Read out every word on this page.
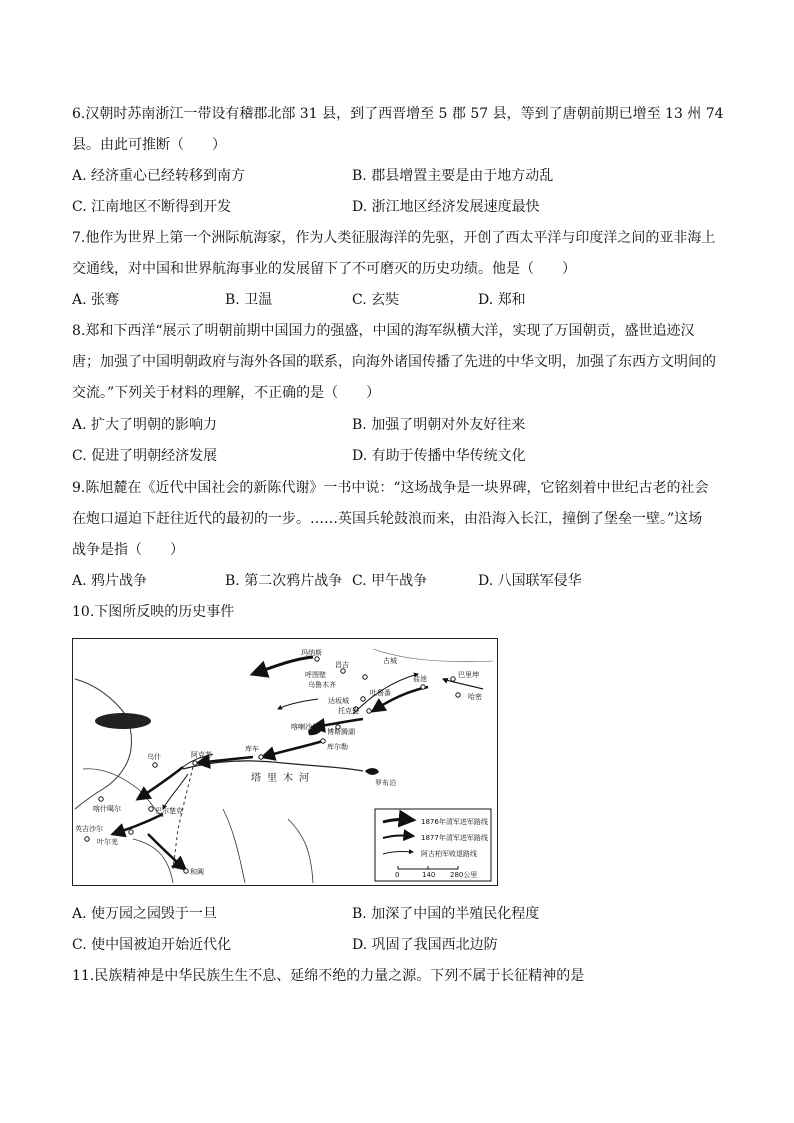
6.汉朝时苏南浙江一带设有稽郡北部 31 县，到了西晋增至 5 郡 57 县，等到了唐朝前期已增至 13 州 74
县。由此可推断（　　）
A. 经济重心已经转移到南方	B. 郡县增置主要是由于地方动乱
C. 江南地区不断得到开发	D. 浙江地区经济发展速度最快
7.他作为世界上第一个洲际航海家，作为人类征服海洋的先驱，开创了西太平洋与印度洋之间的亚非海上
交通线，对中国和世界航海事业的发展留下了不可磨灭的历史功绩。他是（　　）
A. 张骞	B. 卫温	C. 玄奘	D. 郑和
8.郑和下西洋“展示了明朝前期中国国力的强盛，中国的海军纵横大洋，实现了万国朝贡，盛世追迹汉
唐；加强了中国明朝政府与海外各国的联系，向海外诸国传播了先进的中华文明，加强了东西方文明间的
交流。”下列关于材料的理解，不正确的是（　　）
A. 扩大了明朝的影响力	B. 加强了明朝对外友好往来
C. 促进了明朝经济发展	D. 有助于传播中华传统文化
9.陈旭麓在《近代中国社会的新陈代谢》一书中说：“这场战争是一块界碑，它铭刻着中世纪古老的社会
在炮口逼迫下赶往近代的最初的一步。……英国兵轮鼓浪而来，由沿海入长江，撞倒了堡垒一壁。”这场
战争是指（　　）
A. 鸦片战争	B. 第二次鸦片战争 C. 甲午战争	D. 八国联军侵华
10.下图所反映的历史事件
玛纳斯
昌吉
呼图壁
乌鲁木齐
古城
巴里坤
盐池
哈密
吐鲁番
达坂城
托克逊
喀喇沙尔
博斯腾湖
库尔勒
库车
阿克苏
乌什
喀什噶尔	巴尔楚克
英吉沙尔
叶尔羌
和阗
罗布泊
塔里木河
1876年清军进军路线
1877年清军进军路线
阿古柏军败退路线
0	140 280公里
A. 使万园之园毁于一旦	B. 加深了中国的半殖民化程度
C. 使中国被迫开始近代化	D. 巩固了我国西北边防
11.民族精神是中华民族生生不息、延绵不绝的力量之源。下列不属于长征精神的是
